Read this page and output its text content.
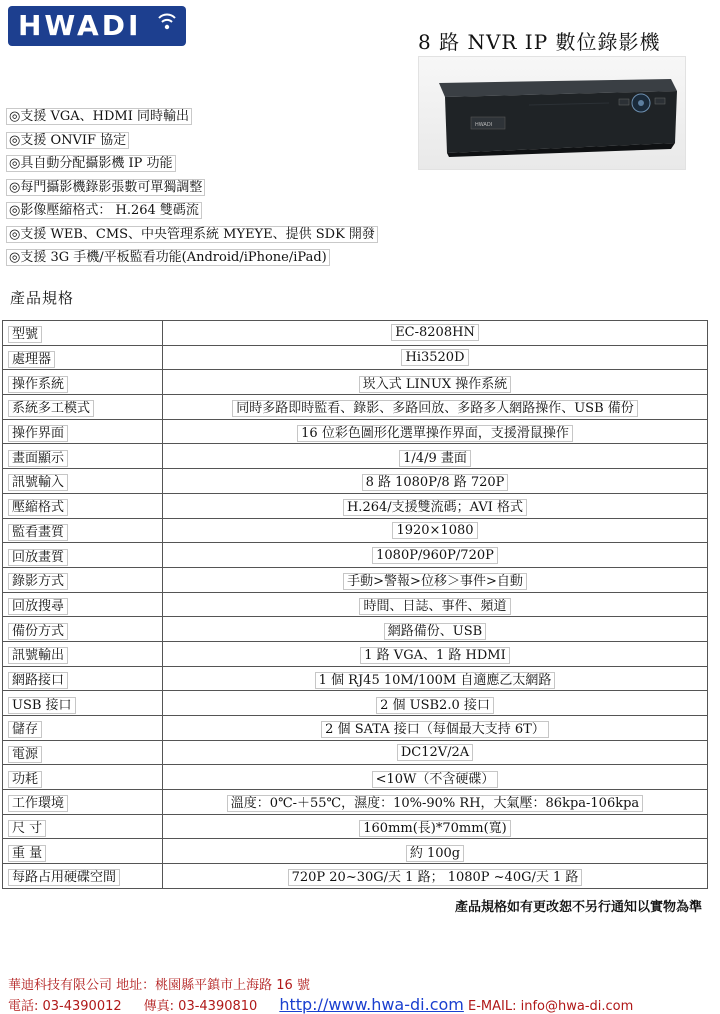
HWADI	8 路 NVR IP 數位錄影機
HWADI
◎支援 VGA、HDMI 同時輸出
◎支援 ONVIF 協定
◎具自動分配攝影機 IP 功能
◎每門攝影機錄影張數可單獨調整
◎影像壓縮格式： H.264 雙碼流
◎支援 WEB、CMS、中央管理系統 MYEYE、提供 SDK 開發
◎支援 3G 手機/平板監看功能(Android/iPhone/iPad)
產品規格
型號	EC-8208HN
處理器	Hi3520D
操作系統	崁入式 LINUX 操作系統
系統多工模式	同時多路即時監看、錄影、多路回放、多路多人網路操作、USB 備份
操作界面	16 位彩色圖形化選單操作界面，支援滑鼠操作
畫面顯示	1/4/9 畫面
訊號輸入	8 路 1080P/8 路 720P
壓縮格式	H.264/支援雙流碼；AVI 格式
監看畫質	1920×1080
回放畫質	1080P/960P/720P
錄影方式	手動>警報>位移＞事件>自動
回放搜尋	時間、日誌、事件、頻道
備份方式	網路備份、USB
訊號輸出	1 路 VGA、1 路 HDMI
網路接口	1 個 RJ45 10M/100M 自適應乙太網路
USB 接口	2 個 USB2.0 接口
儲存	2 個 SATA 接口（每個最大支持 6T）
電源	DC12V/2A
功耗	<10W（不含硬碟）
工作環境	溫度：0℃-＋55℃，濕度：10%-90% RH，大氣壓：86kpa-106kpa
尺 寸	160mm(長)*70mm(寬)
重 量	約 100g
每路占用硬碟空間	720P 20~30G/天 1 路； 1080P ~40G/天 1 路
產品規格如有更改恕不另行通知以實物為準
華迪科技有限公司 地址：桃園縣平鎮市上海路 16 號
電話: 03-4390012 傳真: 03-4390810 http://www.hwa-di.com E-MAIL: info@hwa-di.com
